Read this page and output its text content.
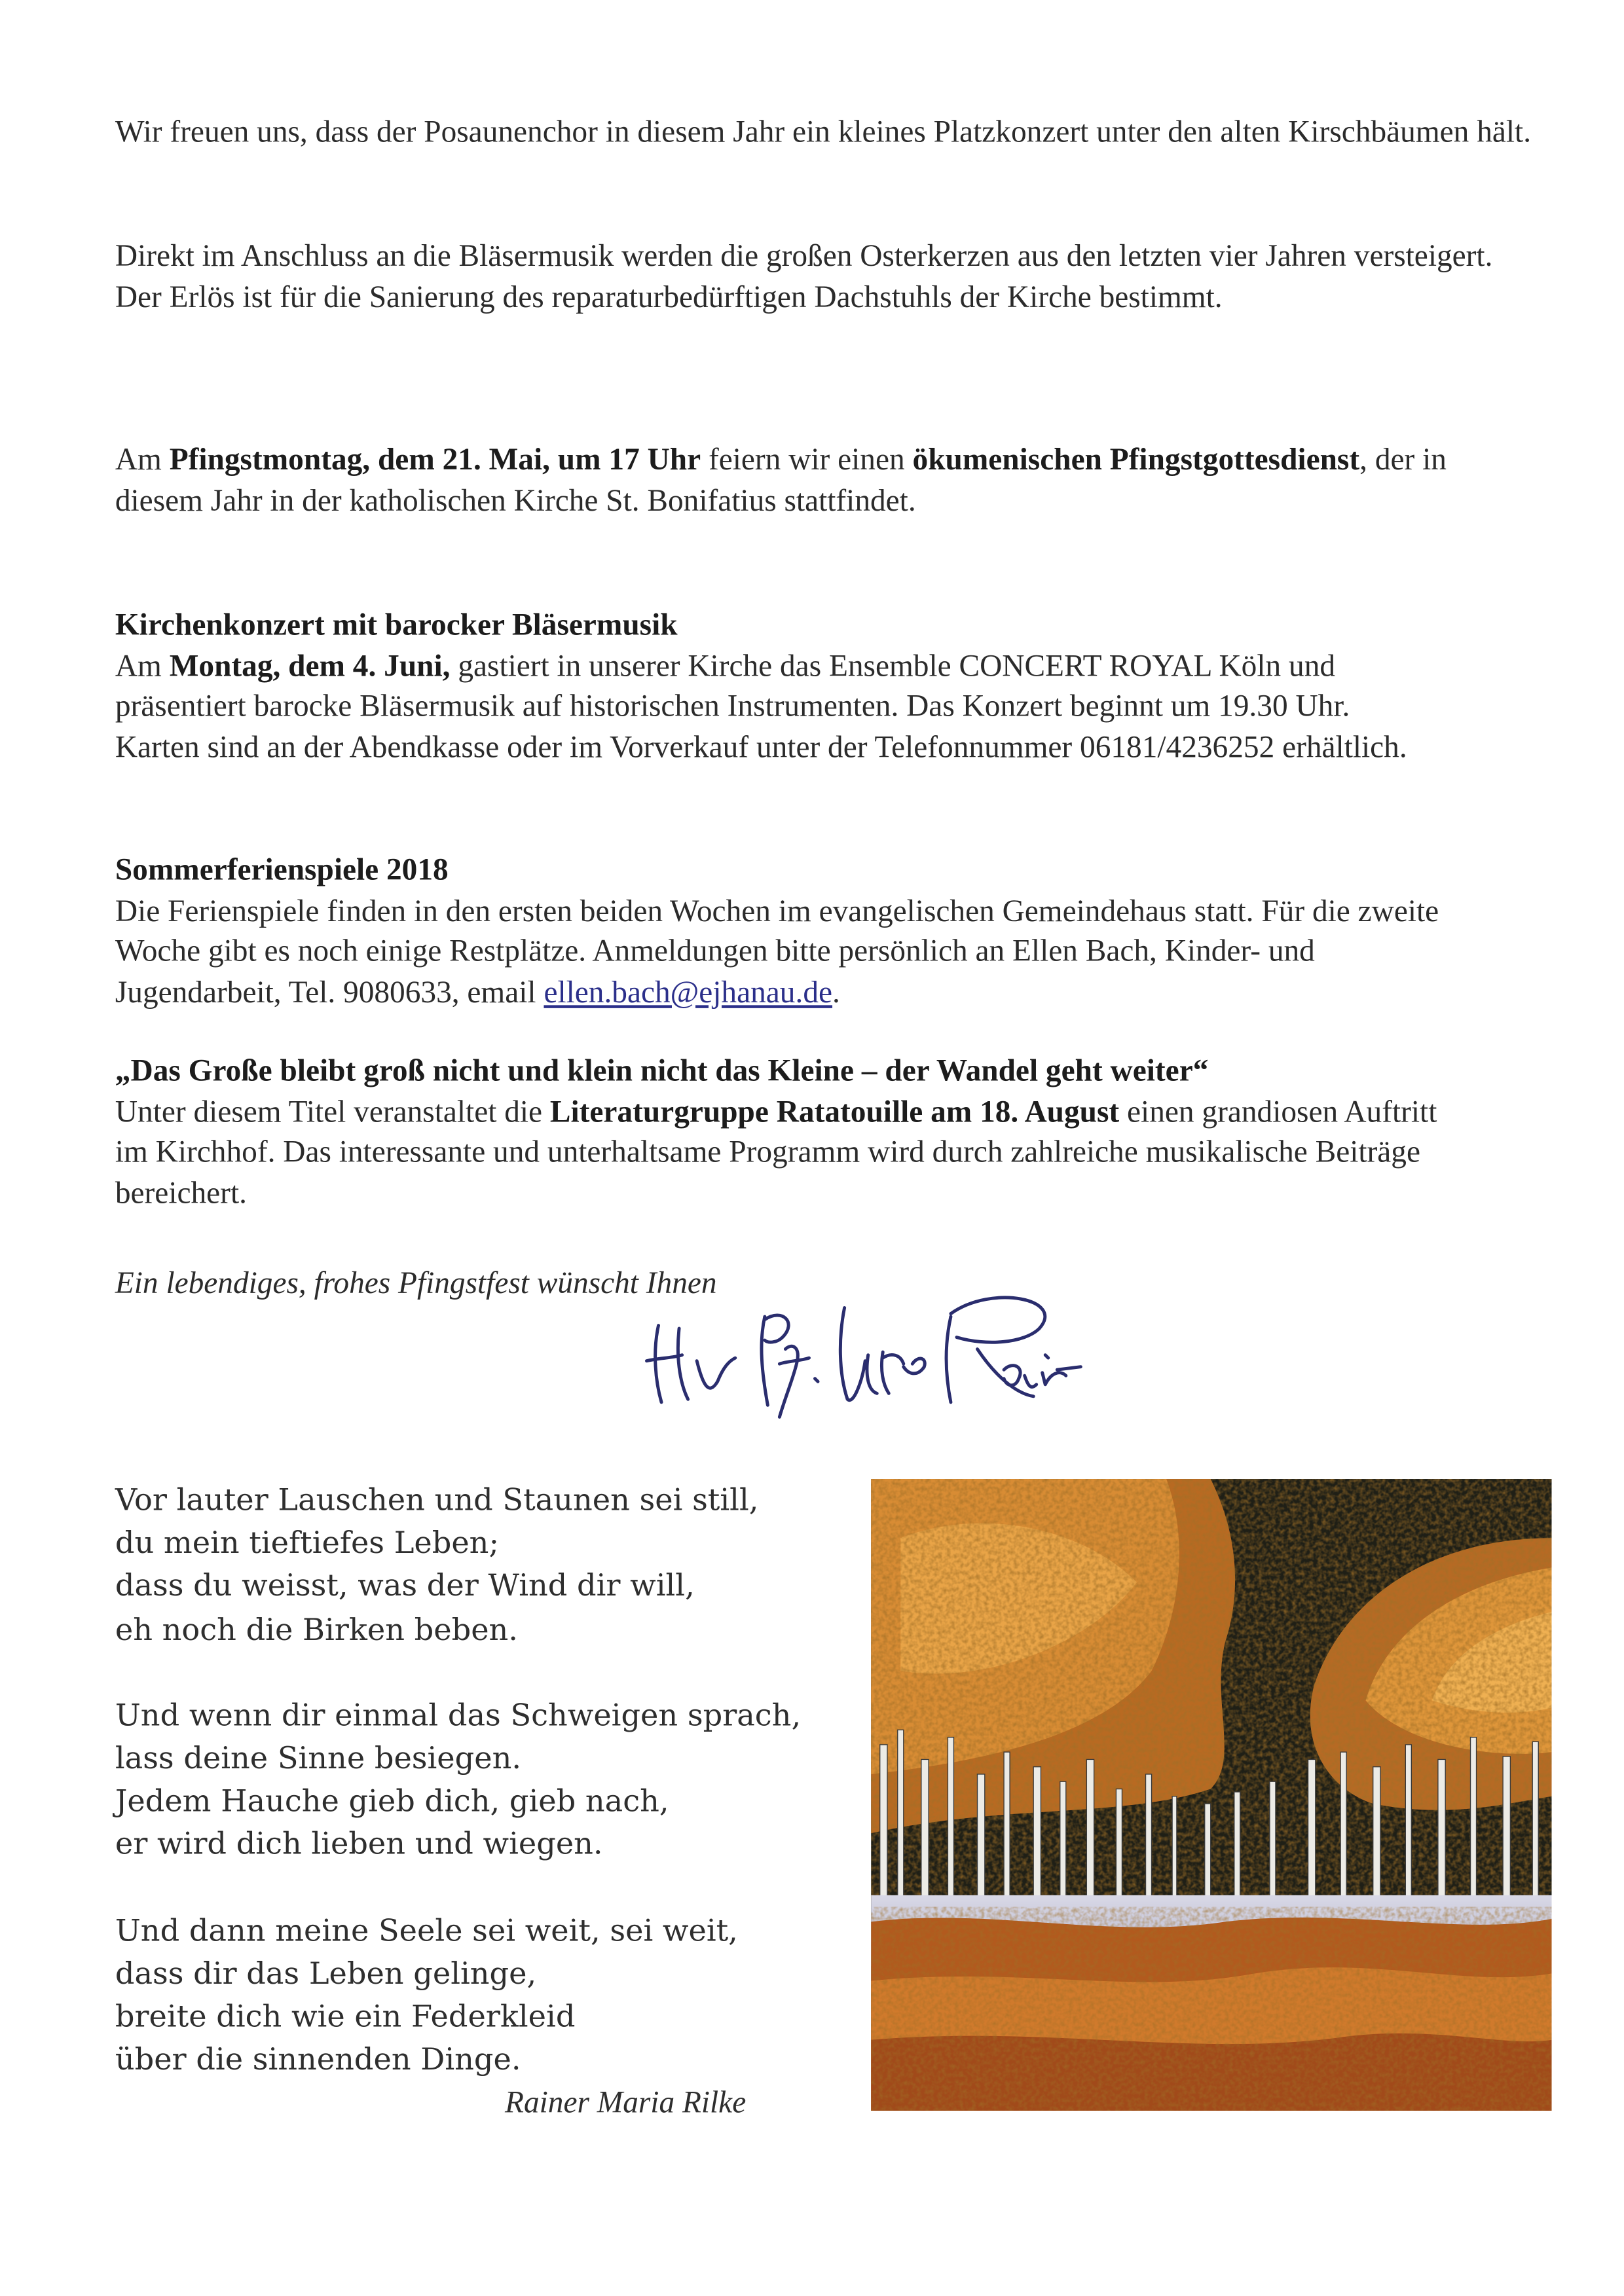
Wir freuen uns, dass der Posaunenchor in diesem Jahr ein kleines Platzkonzert unter den alten Kirschbäumen hält.

Direkt im Anschluss an die Bläsermusik werden die großen Osterkerzen aus den letzten vier Jahren versteigert. Der Erlös ist für die Sanierung des reparaturbedürftigen Dachstuhls der Kirche bestimmt.

Am Pfingstmontag, dem 21. Mai, um 17 Uhr feiern wir einen ökumenischen Pfingstgottesdienst, der in diesem Jahr in der katholischen Kirche St. Bonifatius stattfindet.

Kirchenkonzert mit barocker Bläsermusik
Am Montag, dem 4. Juni, gastiert in unserer Kirche das Ensemble CONCERT ROYAL Köln und präsentiert barocke Bläsermusik auf historischen Instrumenten. Das Konzert beginnt um 19.30 Uhr. Karten sind an der Abendkasse oder im Vorverkauf unter der Telefonnummer 06181/4236252 erhältlich.
Sommerferienspiele 2018
Die Ferienspiele finden in den ersten beiden Wochen im evangelischen Gemeindehaus statt. Für die zweite Woche gibt es noch einige Restplätze. Anmeldungen bitte persönlich an Ellen Bach, Kinder- und Jugendarbeit, Tel. 9080633, email ellen.bach@ejhanau.de.
„Das Große bleibt groß nicht und klein nicht das Kleine – der Wandel geht weiter“
Unter diesem Titel veranstaltet die Literaturgruppe Ratatouille am 18. August einen grandiosen Auftritt im Kirchhof. Das interessante und unterhaltsame Programm wird durch zahlreiche musikalische Beiträge bereichert.

Ein lebendiges, frohes Pfingstfest wünscht Ihnen

Vor lauter Lauschen und Staunen sei still,
du mein tieftiefes Leben;
dass du weisst, was der Wind dir will,
eh noch die Birken beben.

Und wenn dir einmal das Schweigen sprach,
lass deine Sinne besiegen.
Jedem Hauche gieb dich, gieb nach,
er wird dich lieben und wiegen.

Und dann meine Seele sei weit, sei weit,
dass dir das Leben gelinge,
breite dich wie ein Federkleid
über die sinnenden Dinge.

Rainer Maria Rilke
